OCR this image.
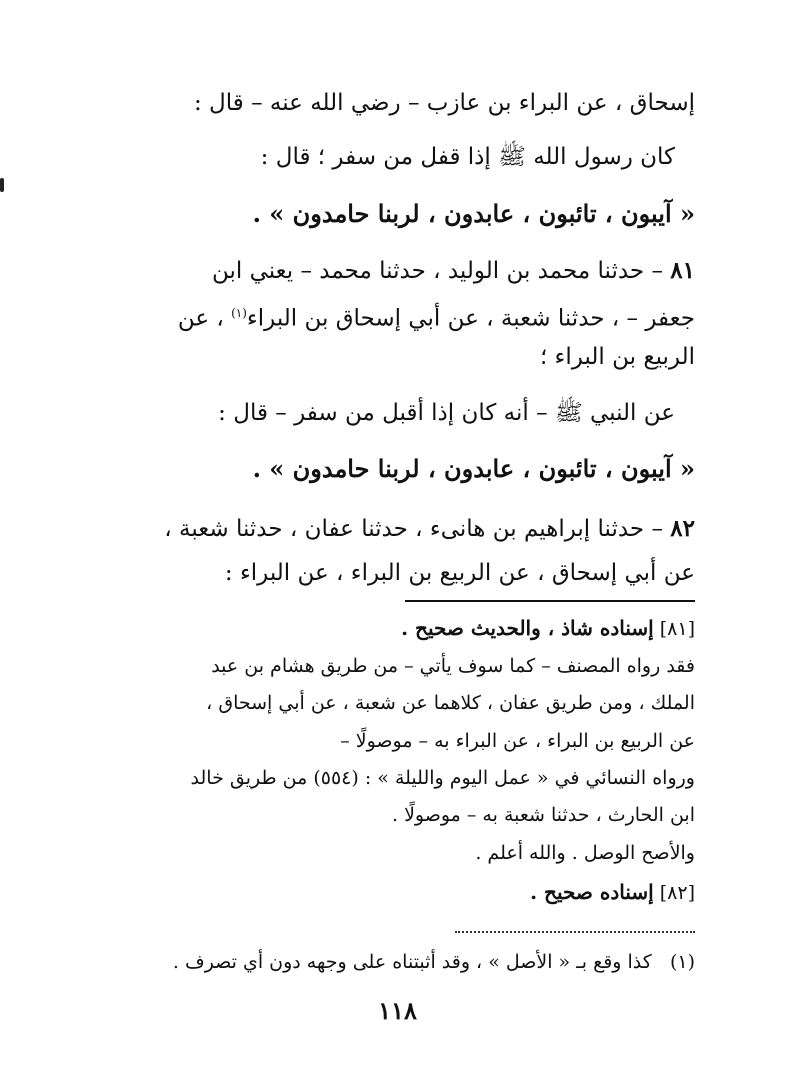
إسحاق ، عن البراء بن عازب – رضي الله عنه – قال :
كان رسول الله ﷺ إذا قفل من سفر ؛ قال :
« آيبون ، تائبون ، عابدون ، لربنا حامدون » .
٨١ – حدثنا محمد بن الوليد ، حدثنا محمد – يعني ابن
جعفر – ، حدثنا شعبة ، عن أبي إسحاق بن البراء$^{(١)}$ ، عن
الربيع بن البراء ؛
عن النبي ﷺ – أنه كان إذا أقبل من سفر – قال :
« آيبون ، تائبون ، عابدون ، لربنا حامدون » .
٨٢ – حدثنا إبراهيم بن هانىء ، حدثنا عفان ، حدثنا شعبة ،
عن أبي إسحاق ، عن الربيع بن البراء ، عن البراء :
[٨١] إسناده شاذ ، والحديث صحيح .
فقد رواه المصنف – كما سوف يأتي – من طريق هشام بن عبد
الملك ، ومن طريق عفان ، كلاهما عن شعبة ، عن أبي إسحاق ،
عن الربيع بن البراء ، عن البراء به – موصولًا –
ورواه النسائي في « عمل اليوم والليلة » : (٥٥٤) من طريق خالد
ابن الحارث ، حدثنا شعبة به – موصولًا .
والأصح الوصل . والله أعلم .
[٨٢] إسناده صحيح .
(١)   كذا وقع بـ « الأصل » ، وقد أثبتناه على وجهه دون أي تصرف .
١١٨
